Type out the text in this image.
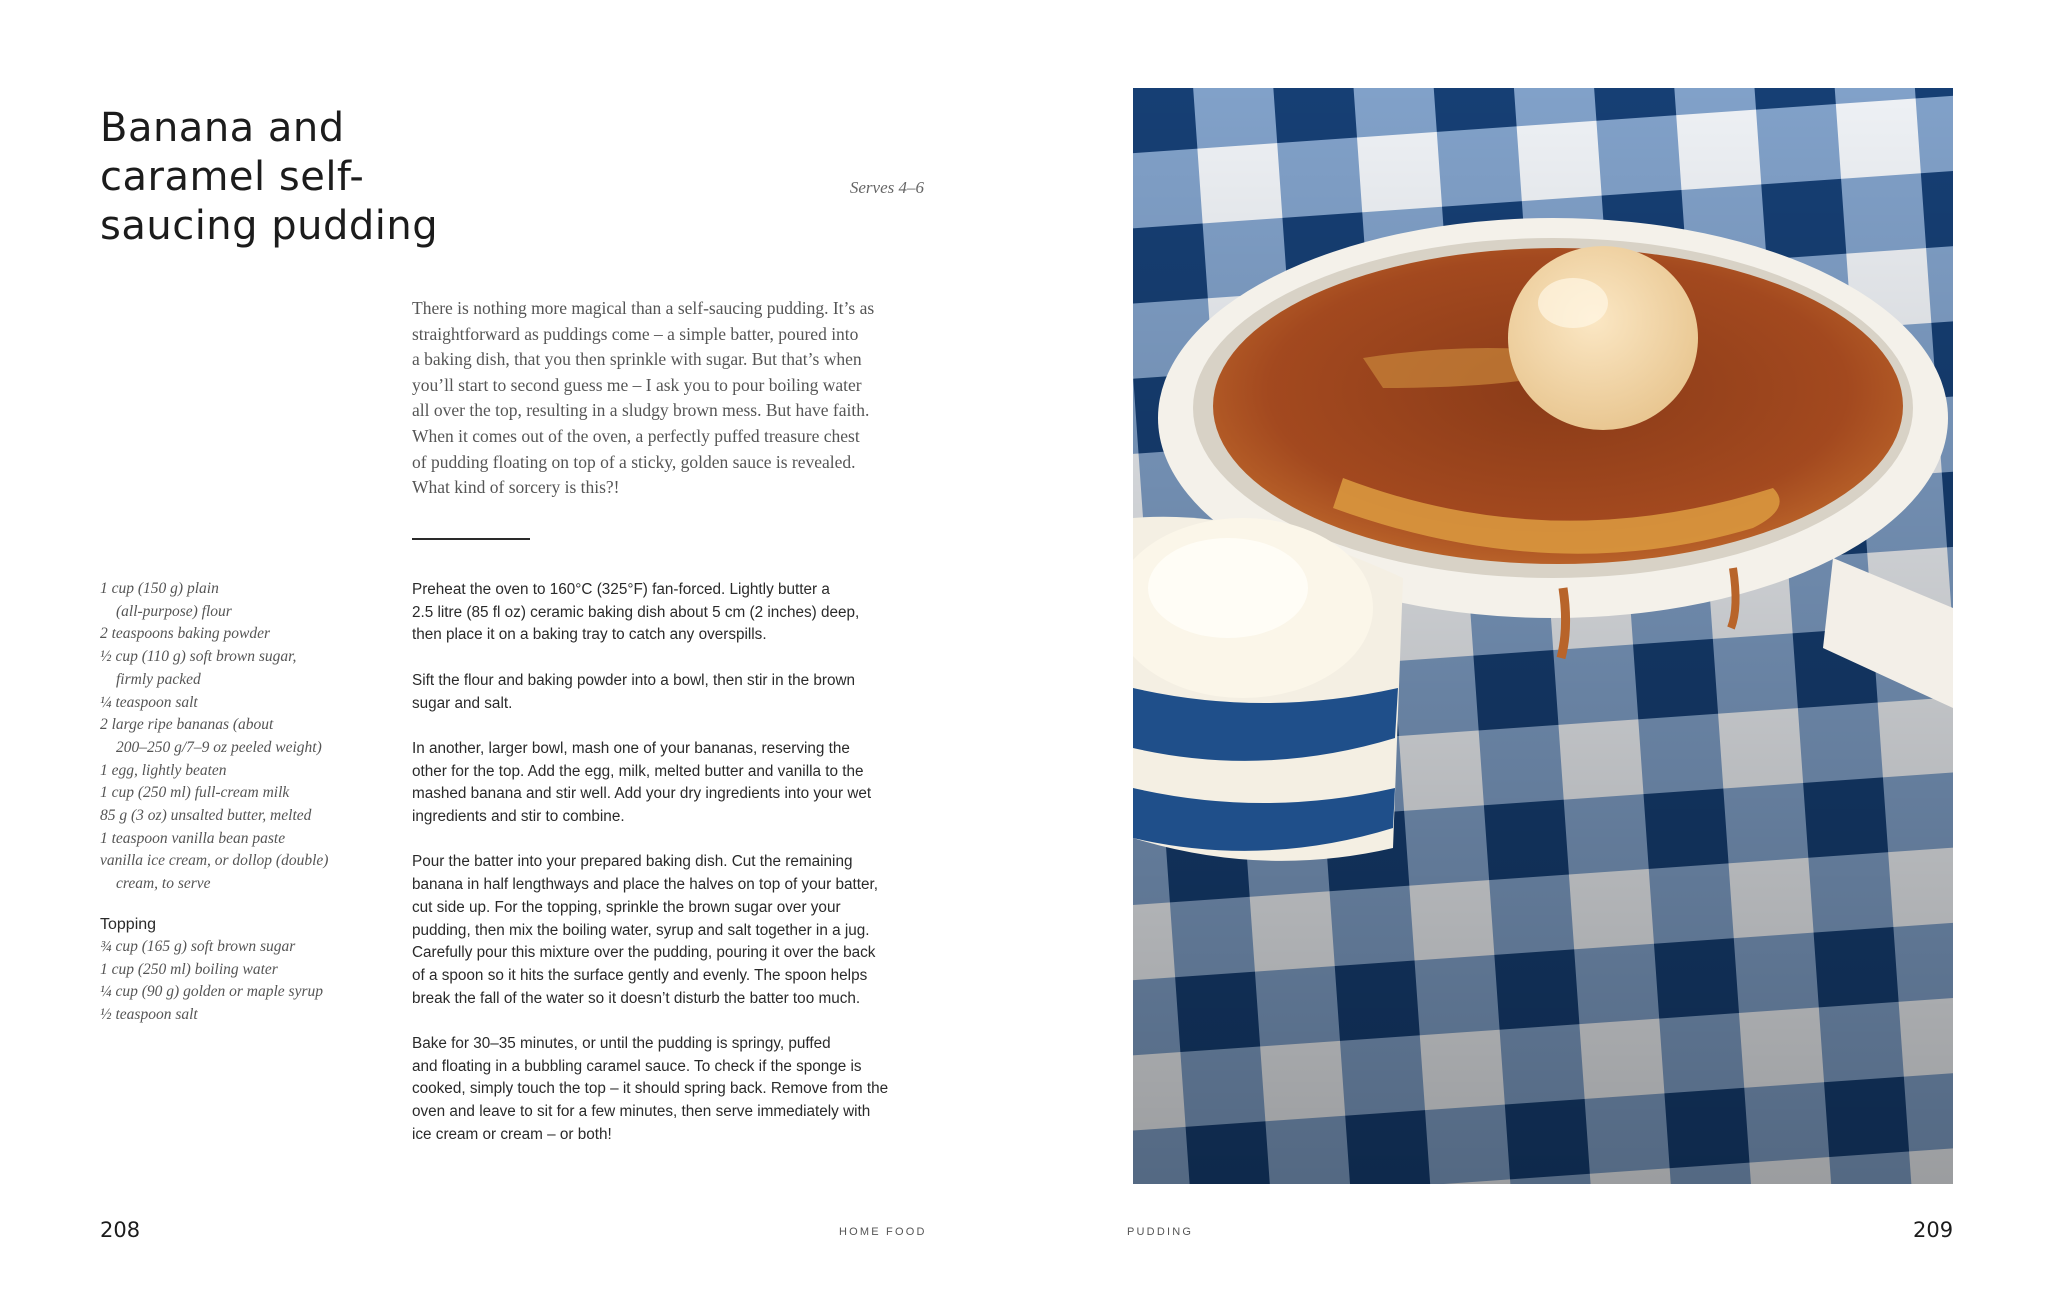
Banana and
caramel self-
saucing pudding
Serves 4–6
There is nothing more magical than a self-saucing pudding. It’s as
straightforward as puddings come – a simple batter, poured into
a baking dish, that you then sprinkle with sugar. But that’s when
you’ll start to second guess me – I ask you to pour boiling water
all over the top, resulting in a sludgy brown mess. But have faith.
When it comes out of the oven, a perfectly puffed treasure chest
of pudding floating on top of a sticky, golden sauce is revealed.
What kind of sorcery is this?!
1 cup (150 g) plain
(all-purpose) flour
2 teaspoons baking powder
½ cup (110 g) soft brown sugar,
firmly packed
¼ teaspoon salt
2 large ripe bananas (about
200–250 g/7–9 oz peeled weight)
1 egg, lightly beaten
1 cup (250 ml) full-cream milk
85 g (3 oz) unsalted butter, melted
1 teaspoon vanilla bean paste
vanilla ice cream, or dollop (double)
cream, to serve
Topping
¾ cup (165 g) soft brown sugar
1 cup (250 ml) boiling water
¼ cup (90 g) golden or maple syrup
½ teaspoon salt
Preheat the oven to 160°C (325°F) fan-forced. Lightly butter a
2.5 litre (85 fl oz) ceramic baking dish about 5 cm (2 inches) deep,
then place it on a baking tray to catch any overspills.
Sift the flour and baking powder into a bowl, then stir in the brown
sugar and salt.
In another, larger bowl, mash one of your bananas, reserving the
other for the top. Add the egg, milk, melted butter and vanilla to the
mashed banana and stir well. Add your dry ingredients into your wet
ingredients and stir to combine.
Pour the batter into your prepared baking dish. Cut the remaining
banana in half lengthways and place the halves on top of your batter,
cut side up. For the topping, sprinkle the brown sugar over your
pudding, then mix the boiling water, syrup and salt together in a jug.
Carefully pour this mixture over the pudding, pouring it over the back
of a spoon so it hits the surface gently and evenly. The spoon helps
break the fall of the water so it doesn’t disturb the batter too much.
Bake for 30–35 minutes, or until the pudding is springy, puffed
and floating in a bubbling caramel sauce. To check if the sponge is
cooked, simply touch the top – it should spring back. Remove from the
oven and leave to sit for a few minutes, then serve immediately with
ice cream or cream – or both!
208	HOME FOOD	PUDDING	209
